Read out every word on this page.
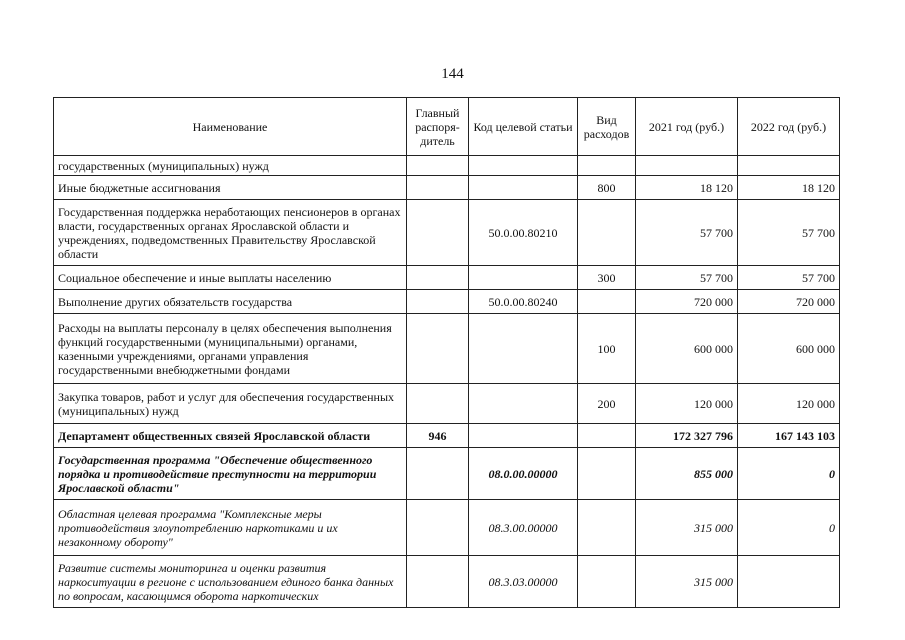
144
Наименование	Главный распоря-дитель	Код целевой статьи	Вид расходов	2021 год (руб.)	2022 год (руб.)
государственных (муниципальных) нужд					
Иные бюджетные ассигнования			800	18 120	18 120
Государственная поддержка неработающих пенсионеров в органах власти, государственных органах Ярославской области и учреждениях, подведомственных Правительству Ярославской области		50.0.00.80210		57 700	57 700
Социальное обеспечение и иные выплаты населению			300	57 700	57 700
Выполнение других обязательств государства		50.0.00.80240		720 000	720 000
Расходы на выплаты персоналу в целях обеспечения выполнения функций государственными (муниципальными) органами, казенными учреждениями, органами управления государственными внебюджетными фондами			100	600 000	600 000
Закупка товаров, работ и услуг для обеспечения государственных (муниципальных) нужд			200	120 000	120 000
Департамент общественных связей Ярославской области	946			172 327 796	167 143 103
Государственная программа "Обеспечение общественного порядка и противодействие преступности на территории Ярославской области"		08.0.00.00000		855 000	0
Областная целевая программа "Комплексные меры противодействия злоупотреблению наркотиками и их незаконному обороту"		08.3.00.00000		315 000	0
Развитие системы мониторинга и оценки развития наркоситуации в регионе с использованием единого банка данных по вопросам, касающимся оборота наркотических		08.3.03.00000		315 000	
